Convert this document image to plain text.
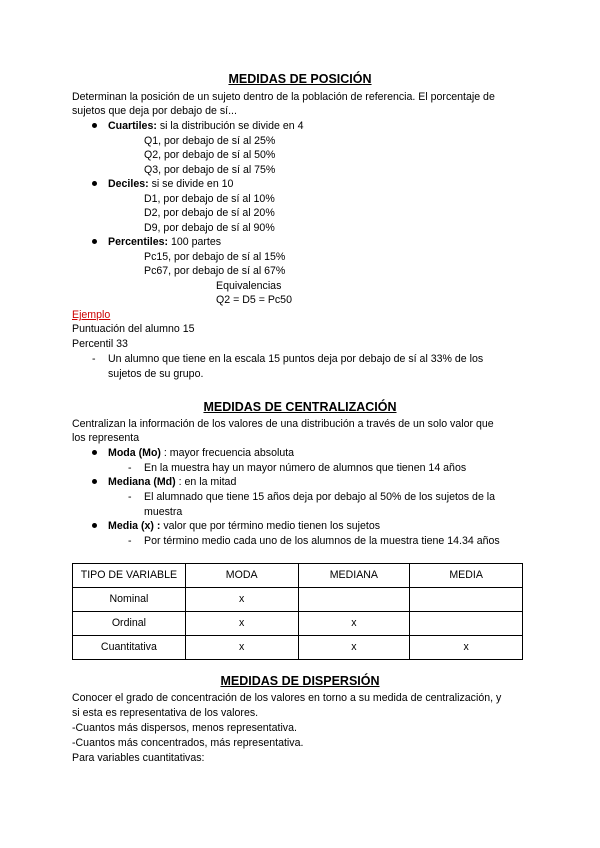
MEDIDAS DE POSICIÓN
Determinan la posición de un sujeto dentro de la población de referencia. El porcentaje de
sujetos que deja por debajo de sí...
Cuartiles: si la distribución se divide en 4
Q1, por debajo de sí al 25%
Q2, por debajo de sí al 50%
Q3, por debajo de sí al 75%
Deciles: si se divide en 10
D1, por debajo de sí al 10%
D2, por debajo de sí al 20%
D9, por debajo de sí al 90%
Percentiles: 100 partes
Pc15, por debajo de sí al 15%
Pc67, por debajo de sí al 67%
Equivalencias
Q2 = D5 = Pc50
Ejemplo
Puntuación del alumno 15
Percentil 33
- Un alumno que tiene en la escala 15 puntos deja por debajo de sí al 33% de los
sujetos de su grupo.
MEDIDAS DE CENTRALIZACIÓN
Centralizan la información de los valores de una distribución a través de un solo valor que
los representa
Moda (Mo) : mayor frecuencia absoluta
- En la muestra hay un mayor número de alumnos que tienen 14 años
Mediana (Md) : en la mitad
- El alumnado que tiene 15 años deja por debajo al 50% de los sujetos de la
muestra
Media (x) : valor que por término medio tienen los sujetos
- Por término medio cada uno de los alumnos de la muestra tiene 14.34 años
TIPO DE VARIABLE	MODA	MEDIANA	MEDIA
Nominal	x		
Ordinal	x	x	
Cuantitativa	x	x	x
MEDIDAS DE DISPERSIÓN
Conocer el grado de concentración de los valores en torno a su medida de centralización, y
si esta es representativa de los valores.
-Cuantos más dispersos, menos representativa.
-Cuantos más concentrados, más representativa.
Para variables cuantitativas:
